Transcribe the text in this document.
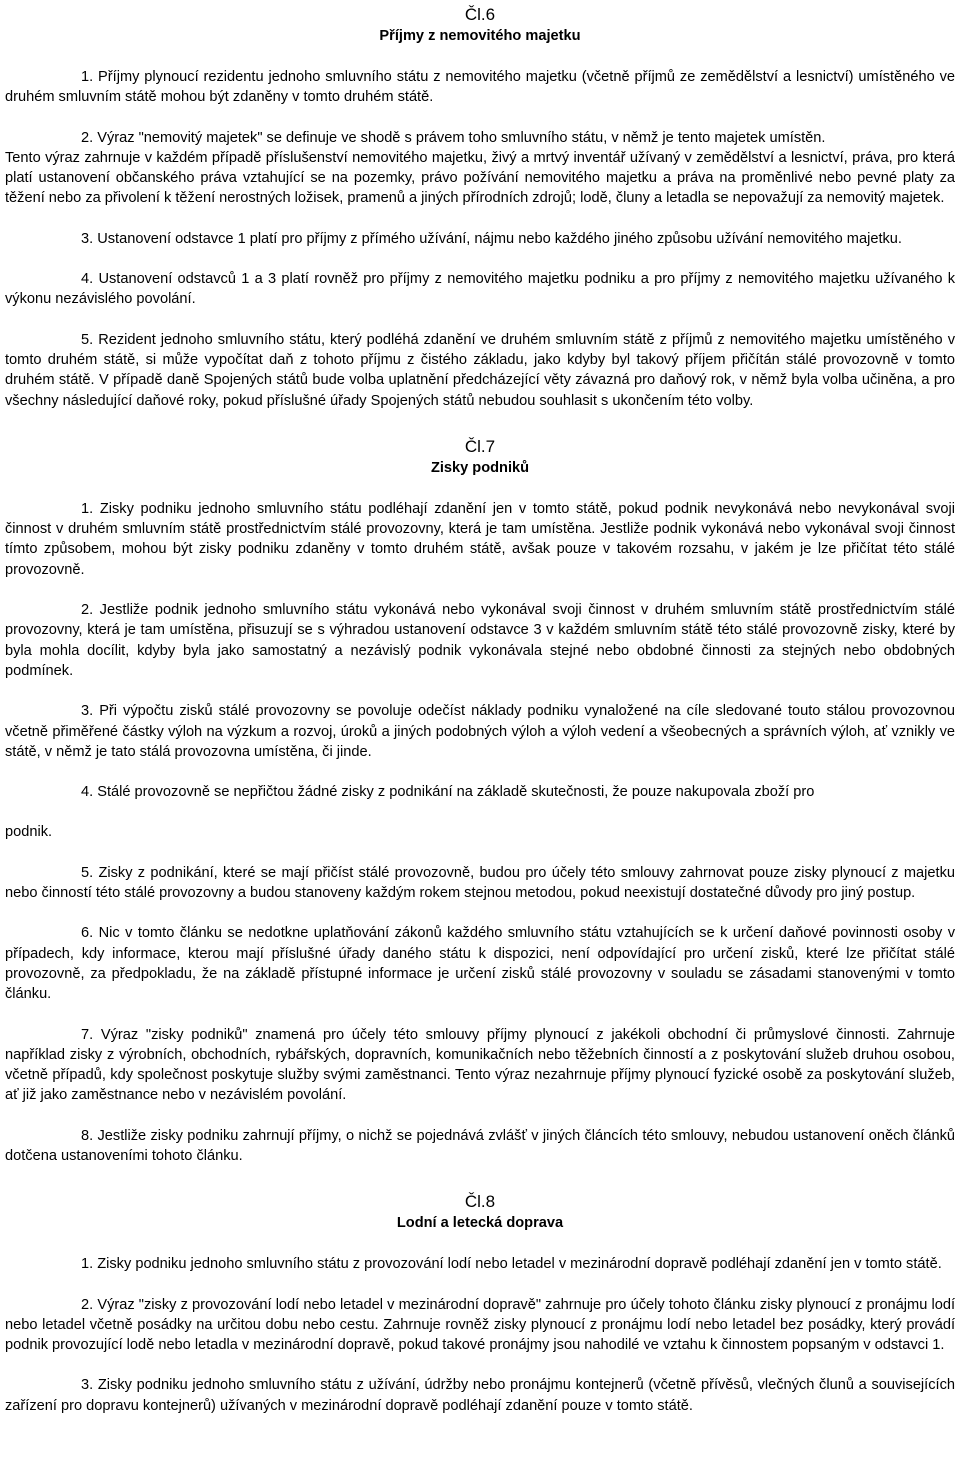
Čl.6
Příjmy z nemovitého majetku

1. Příjmy plynoucí rezidentu jednoho smluvního státu z nemovitého majetku (včetně příjmů ze zemědělství a lesnictví) umístěného ve druhém smluvním státě mohou být zdaněny v tomto druhém státě.

2. Výraz "nemovitý majetek" se definuje ve shodě s právem toho smluvního státu, v němž je tento majetek umístěn.

Tento výraz zahrnuje v každém případě příslušenství nemovitého majetku, živý a mrtvý inventář užívaný v zemědělství a lesnictví, práva, pro která platí ustanovení občanského práva vztahující se na pozemky, právo požívání nemovitého majetku a práva na proměnlivé nebo pevné platy za těžení nebo za přivolení k těžení nerostných ložisek, pramenů a jiných přírodních zdrojů; lodě, čluny a letadla se nepovažují za nemovitý majetek.

3. Ustanovení odstavce 1 platí pro příjmy z přímého užívání, nájmu nebo každého jiného způsobu užívání nemovitého majetku.

4. Ustanovení odstavců 1 a 3 platí rovněž pro příjmy z nemovitého majetku podniku a pro příjmy z nemovitého majetku užívaného k výkonu nezávislého povolání.

5. Rezident jednoho smluvního státu, který podléhá zdanění ve druhém smluvním státě z příjmů z nemovitého majetku umístěného v tomto druhém státě, si může vypočítat daň z tohoto příjmu z čistého základu, jako kdyby byl takový příjem přičítán stálé provozovně v tomto druhém státě. V případě daně Spojených států bude volba uplatnění předcházející věty závazná pro daňový rok, v němž byla volba učiněna, a pro všechny následující daňové roky, pokud příslušné úřady Spojených států nebudou souhlasit s ukončením této volby.

Čl.7
Zisky podniků

1. Zisky podniku jednoho smluvního státu podléhají zdanění jen v tomto státě, pokud podnik nevykonává nebo nevykonával svoji činnost v druhém smluvním státě prostřednictvím stálé provozovny, která je tam umístěna. Jestliže podnik vykonává nebo vykonával svoji činnost tímto způsobem, mohou být zisky podniku zdaněny v tomto druhém státě, avšak pouze v takovém rozsahu, v jakém je lze přičítat této stálé provozovně.

2. Jestliže podnik jednoho smluvního státu vykonává nebo vykonával svoji činnost v druhém smluvním státě prostřednictvím stálé provozovny, která je tam umístěna, přisuzují se s výhradou ustanovení odstavce 3 v každém smluvním státě této stálé provozovně zisky, které by byla mohla docílit, kdyby byla jako samostatný a nezávislý podnik vykonávala stejné nebo obdobné činnosti za stejných nebo obdobných podmínek.

3. Při výpočtu zisků stálé provozovny se povoluje odečíst náklady podniku vynaložené na cíle sledované touto stálou provozovnou včetně přiměřené částky výloh na výzkum a rozvoj, úroků a jiných podobných výloh a výloh vedení a všeobecných a správních výloh, ať vznikly ve státě, v němž je tato stálá provozovna umístěna, či jinde.

4. Stálé provozovně se nepřičtou žádné zisky z podnikání na základě skutečnosti, že pouze nakupovala zboží pro

podnik.

5. Zisky z podnikání, které se mají přičíst stálé provozovně, budou pro účely této smlouvy zahrnovat pouze zisky plynoucí z majetku nebo činností této stálé provozovny a budou stanoveny každým rokem stejnou metodou, pokud neexistují dostatečné důvody pro jiný postup.

6. Nic v tomto článku se nedotkne uplatňování zákonů každého smluvního státu vztahujících se k určení daňové povinnosti osoby v případech, kdy informace, kterou mají příslušné úřady daného státu k dispozici, není odpovídající pro určení zisků, které lze přičítat stálé provozovně, za předpokladu, že na základě přístupné informace je určení zisků stálé provozovny v souladu se zásadami stanovenými v tomto článku.

7. Výraz "zisky podniků" znamená pro účely této smlouvy příjmy plynoucí z jakékoli obchodní či průmyslové činnosti. Zahrnuje například zisky z výrobních, obchodních, rybářských, dopravních, komunikačních nebo těžebních činností a z poskytování služeb druhou osobou, včetně případů, kdy společnost poskytuje služby svými zaměstnanci. Tento výraz nezahrnuje příjmy plynoucí fyzické osobě za poskytování služeb, ať již jako zaměstnance nebo v nezávislém povolání.

8. Jestliže zisky podniku zahrnují příjmy, o nichž se pojednává zvlášť v jiných článcích této smlouvy, nebudou ustanovení oněch článků dotčena ustanoveními tohoto článku.

Čl.8
Lodní a letecká doprava

1. Zisky podniku jednoho smluvního státu z provozování lodí nebo letadel v mezinárodní dopravě podléhají zdanění jen v tomto státě.

2. Výraz "zisky z provozování lodí nebo letadel v mezinárodní dopravě" zahrnuje pro účely tohoto článku zisky plynoucí z pronájmu lodí nebo letadel včetně posádky na určitou dobu nebo cestu. Zahrnuje rovněž zisky plynoucí z pronájmu lodí nebo letadel bez posádky, který provádí podnik provozující lodě nebo letadla v mezinárodní dopravě, pokud takové pronájmy jsou nahodilé ve vztahu k činnostem popsaným v odstavci 1.

3. Zisky podniku jednoho smluvního státu z užívání, údržby nebo pronájmu kontejnerů (včetně přívěsů, vlečných člunů a souvisejících zařízení pro dopravu kontejnerů) užívaných v mezinárodní dopravě podléhají zdanění pouze v tomto státě.
